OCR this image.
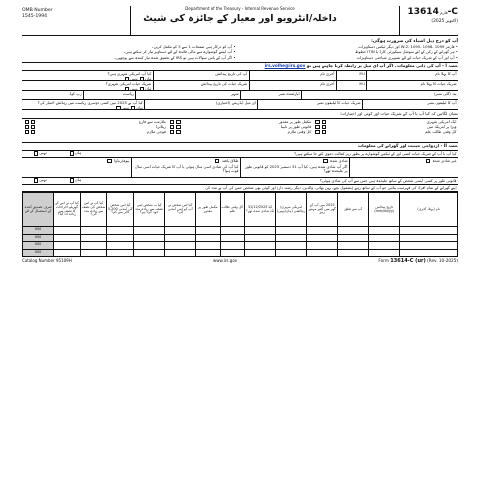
OMB Number
1545-1994
Department of the Treasury - Internal Revenue Service
داخلہ/انٹرویو اور معیار کے جائزہ کی شیٹ
فارم 13614-C
(اکتوبر 2025)
آپ کو درج ذیل اشیاء کی ضرورت ہوگی:
• آپ کو درکار ہیں صفحات 1 سے 3 کو مکمل کریں۔
• آپ ایسے گوشوارے سے مالی فائدہ کے لئے دستاویز تیار کر سکتے ہیں۔
• اگر آپ کے پاس سوالات ہیں تو IRS کے تحقیق شدہ تیار کنندہ سے پوچھیں۔
• فارمز W-2، 1095، 1098، 1099 اور دیگر ٹیکس دستاویزات
• ہر گھرانے کے رکن کے لئے سوشل سیکورٹی کارڈ یا ITIN خطوط
• آپ اور آپ کے شریک حیات کے لئے تصویری شناختی دستاویزات
حصہ I - آپ کی ذاتی معلومات۔ اگر آپ ای میل پر رابطہ کرنا چاہتے ہیں تو irs.volhe@irs.gov
آپ کا پہلا نام
M.I
آخری نام
آپ کی تاریخ پیدائش
کیا آپ امریکی شہری ہیں؟
ہاں نہیں
شریک حیات کا پہلا نام
M.I
آخری نام
شریک حیات کی تاریخ پیدائش
شریک حیات امریکی شہری؟
ہاں نہیں
پتہ (گلی نمبر)
اپارٹمنٹ نمبر
شہر
ریاست
زپ کوڈ
آپ کا ٹیلیفون نمبر
شریک حیات کا ٹیلیفون نمبر
ای میل ایڈریس (اختیاری)
کیا آپ نے 2025 میں کسی دوسری ریاست میں رہائش اختیار کی؟
ہاں نہیں
نشان لگائیں کہ کیا آپ یا آپ کے شریک حیات اور کوئی اور اختیارات:
ایک امریکی شہری
ویزا پر امریکہ میں
کل وقتی طالب علم
مکمل طور پر معذور
قانونی طور پر نابینا
کل وقتی ملازم
ملازمت سے فارغ
ریٹائرڈ
فوجی ملازم
حصہ II - ازدواجی حیثیت اور گھرانے کی معلومات
کیا آپ یا آپ کے شریک حیات کسی اور کے ٹیکس گوشوارے پر بطور زیر کفالت دعوی کئے جا سکتے ہیں؟
ہاں
نہیں
غیر شادی شدہ
شادی شدہ
اگر آپ شادی شدہ ہیں، کیا آپ 31 دسمبر 2025 کو قانونی طور پر علیحدہ تھے؟
طلاق یافتہ
کیا آپ کی شادی اسی سال ہوئی یا آپ کا شریک حیات اسی سال فوت ہوا؟
بیوہ/رنڈوا
قانونی طور پر کسی ایسی شخص کے ساتھ علیحدہ ہیں جس سے آپ کی شادی ہوئی؟
ہاں
نہیں
اپنے گھرانے کے تمام افراد کی فہرست بنائیں جو آپ کے ساتھ رہے (بشمول بچے، بہن بھائی، والدین، دیگر رشتہ دار) اور کوئی بھی شخص جس کی آپ نے مدد کی
نام (پہلا، آخری)	تاریخ پیدائش (mm/dd/yy)	آپ سے تعلق	2025 میں آپ کے گھر میں کتنے مہینے رہے	امریکی شہری/رہائشی (ہاں/نہیں)	کیا 31/12/2025 تک شادی شدہ تھے؟	کل وقتی طالب علم	مکمل طور پر معذور	کیا اس شخص نے آپ کو اپنی آمدنی کی؟	کیا یہ شخص اپنی نصف سے زیادہ مدد خود کرتا ہے؟	کیا اس شخص کی آمدنی 5,200 ڈالر سے کم؟	کیا آپ نے اس شخص کی نصف سے زیادہ مدد کی؟	کیا آپ نے اس کے گھریلو اخراجات کا نصف سے زیادہ ادا کیا؟	صرف تصدیق کنندہ کے استعمال کے لئے
													000
													000
													000
													000
Catalog Number 95109H	www.irs.gov	Form 13614-C (ur) (Rev. 10-2025)
